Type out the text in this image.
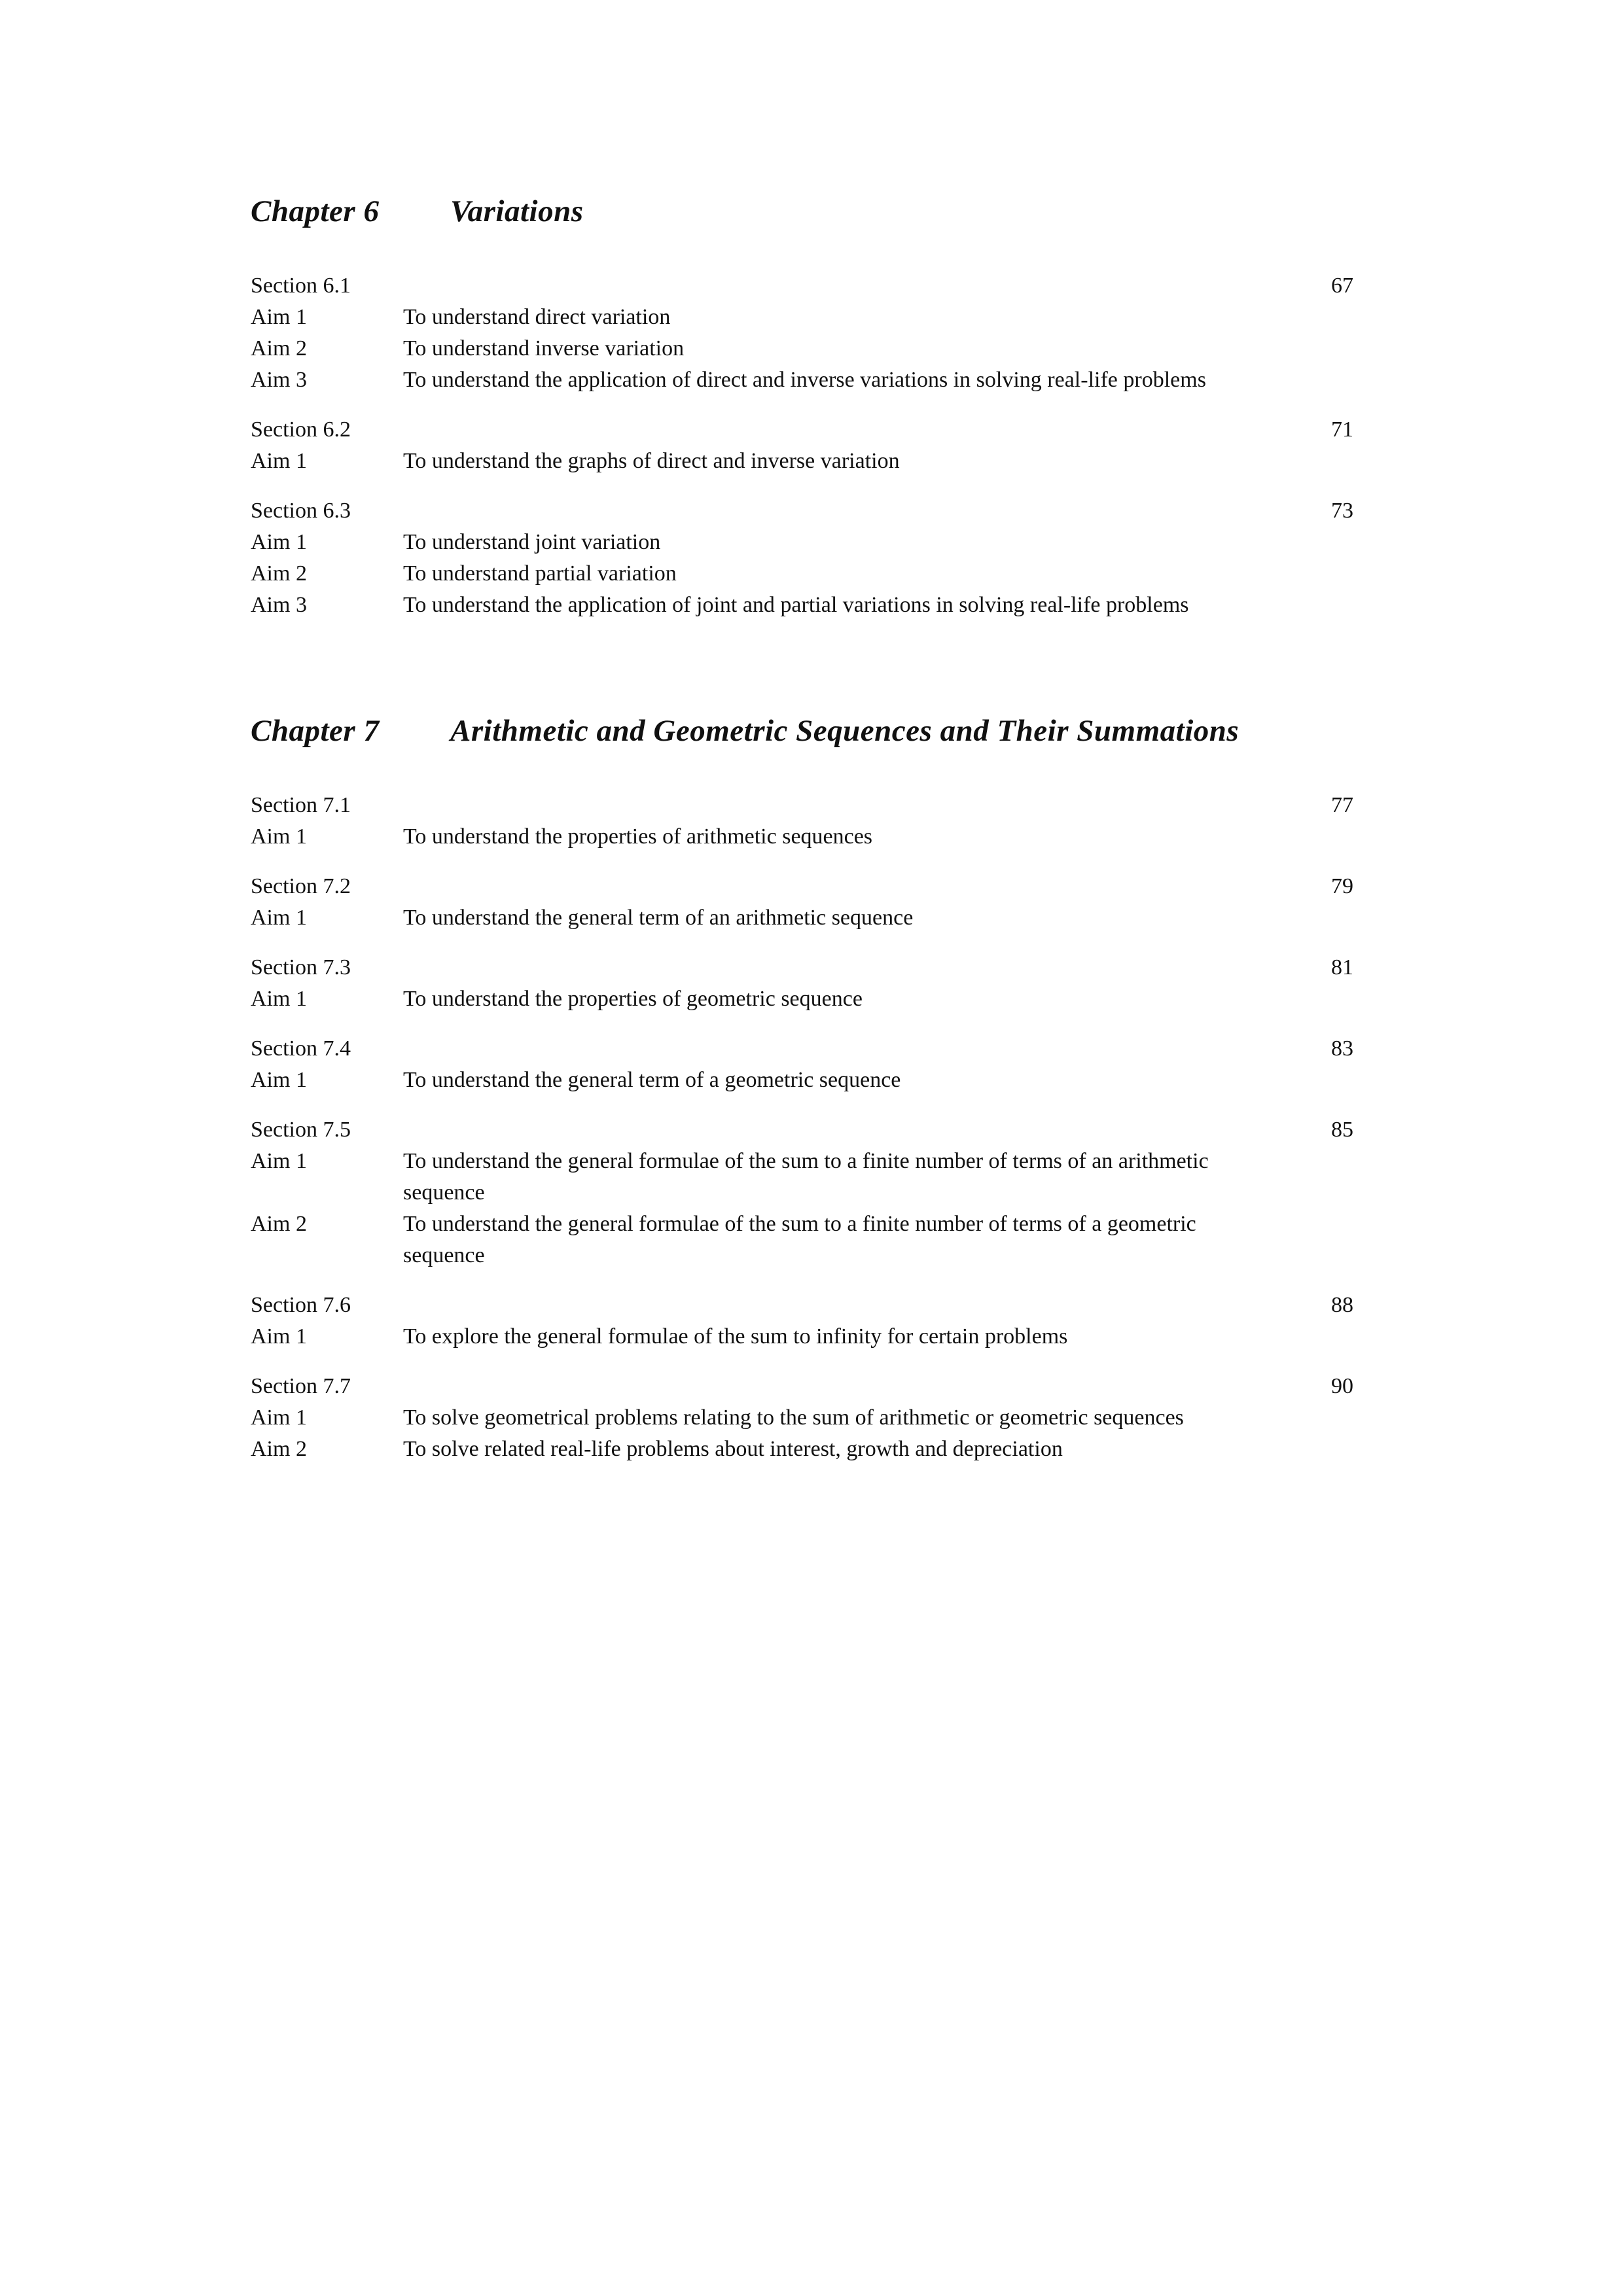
Chapter 6	Variations
Section 6.1	67
Aim 1	To understand direct variation
Aim 2	To understand inverse variation
Aim 3	To understand the application of direct and inverse variations in solving real-life problems
Section 6.2	71
Aim 1	To understand the graphs of direct and inverse variation
Section 6.3	73
Aim 1	To understand joint variation
Aim 2	To understand partial variation
Aim 3	To understand the application of joint and partial variations in solving real-life problems
Chapter 7	Arithmetic and Geometric Sequences and Their Summations
Section 7.1	77
Aim 1	To understand the properties of arithmetic sequences
Section 7.2	79
Aim 1	To understand the general term of an arithmetic sequence
Section 7.3	81
Aim 1	To understand the properties of geometric sequence
Section 7.4	83
Aim 1	To understand the general term of a geometric sequence
Section 7.5	85
Aim 1	To understand the general formulae of the sum to a finite number of terms of an arithmetic sequence
Aim 2	To understand the general formulae of the sum to a finite number of terms of a geometric sequence
Section 7.6	88
Aim 1	To explore the general formulae of the sum to infinity for certain problems
Section 7.7	90
Aim 1	To solve geometrical problems relating to the sum of arithmetic or geometric sequences
Aim 2	To solve related real-life problems about interest, growth and depreciation
